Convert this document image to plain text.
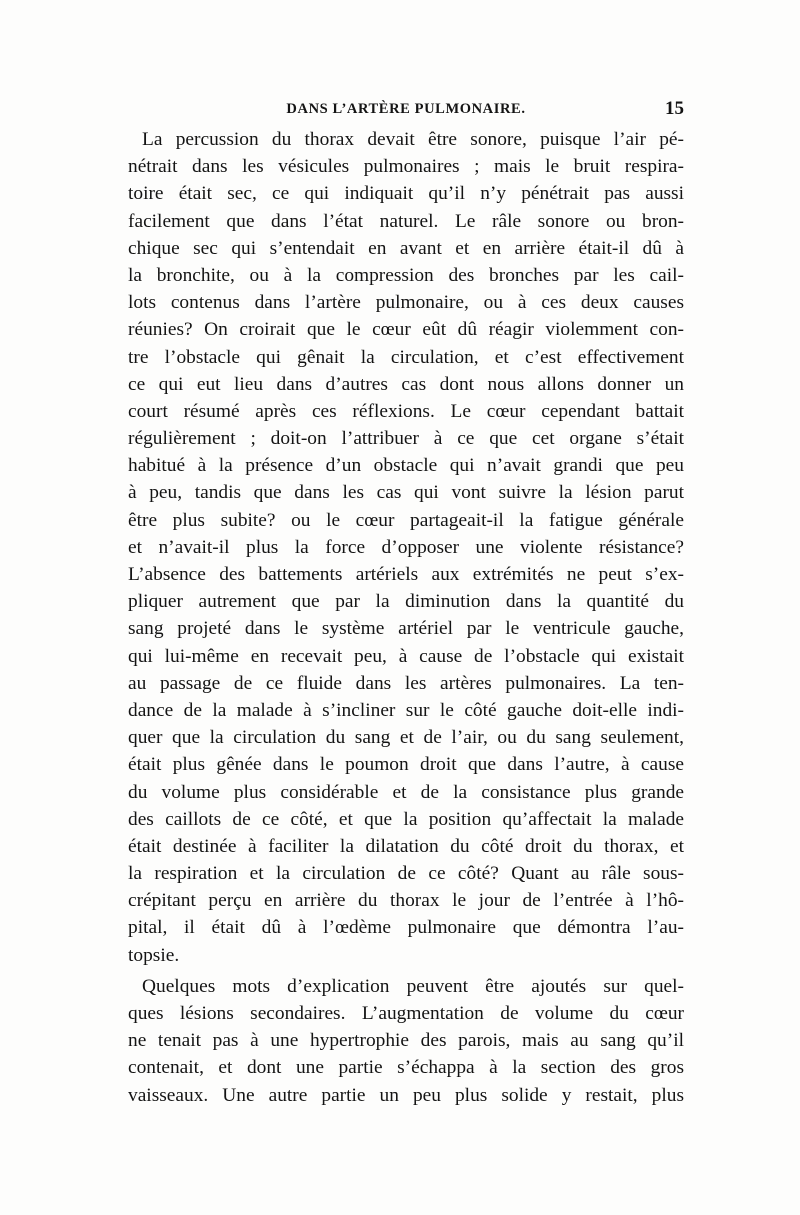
DANS L’ARTÈRE PULMONAIRE.	15
La percussion du thorax devait être sonore, puisque l’air pé-
nétrait dans les vésicules pulmonaires ; mais le bruit respira-
toire était sec, ce qui indiquait qu’il n’y pénétrait pas aussi
facilement que dans l’état naturel. Le râle sonore ou bron-
chique sec qui s’entendait en avant et en arrière était-il dû à
la bronchite, ou à la compression des bronches par les cail-
lots contenus dans l’artère pulmonaire, ou à ces deux causes
réunies? On croirait que le cœur eût dû réagir violemment con-
tre l’obstacle qui gênait la circulation, et c’est effectivement
ce qui eut lieu dans d’autres cas dont nous allons donner un
court résumé après ces réflexions. Le cœur cependant battait
régulièrement ; doit-on l’attribuer à ce que cet organe s’était
habitué à la présence d’un obstacle qui n’avait grandi que peu
à peu, tandis que dans les cas qui vont suivre la lésion parut
être plus subite? ou le cœur partageait-il la fatigue générale
et n’avait-il plus la force d’opposer une violente résistance?
L’absence des battements artériels aux extrémités ne peut s’ex-
pliquer autrement que par la diminution dans la quantité du
sang projeté dans le système artériel par le ventricule gauche,
qui lui-même en recevait peu, à cause de l’obstacle qui existait
au passage de ce fluide dans les artères pulmonaires. La ten-
dance de la malade à s’incliner sur le côté gauche doit-elle indi-
quer que la circulation du sang et de l’air, ou du sang seulement,
était plus gênée dans le poumon droit que dans l’autre, à cause
du volume plus considérable et de la consistance plus grande
des caillots de ce côté, et que la position qu’affectait la malade
était destinée à faciliter la dilatation du côté droit du thorax, et
la respiration et la circulation de ce côté? Quant au râle sous-
crépitant perçu en arrière du thorax le jour de l’entrée à l’hô-
pital, il était dû à l’œdème pulmonaire que démontra l’au-
topsie.
Quelques mots d’explication peuvent être ajoutés sur quel-
ques lésions secondaires. L’augmentation de volume du cœur
ne tenait pas à une hypertrophie des parois, mais au sang qu’il
contenait, et dont une partie s’échappa à la section des gros
vaisseaux. Une autre partie un peu plus solide y restait, plus
